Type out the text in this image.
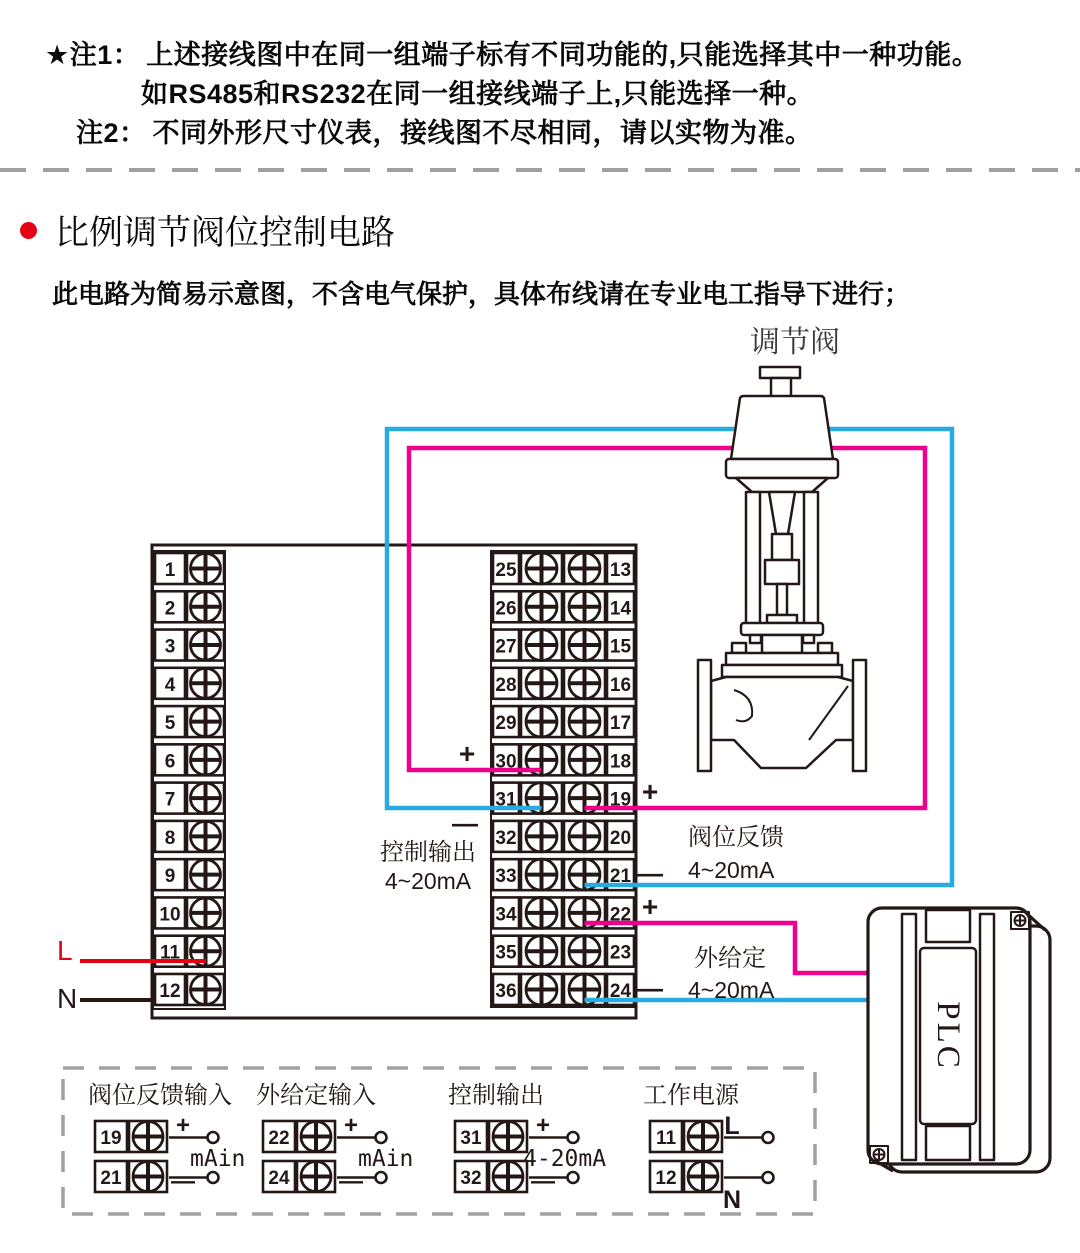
★注1： 上述接线图中在同一组端子标有不同功能的,只能选择其中一种功能。
如RS485和RS232在同一组接线端子上,只能选择一种。
注2： 不同外形尺寸仪表，接线图不尽相同，请以实物为准。
比例调节阀位控制电路
此电路为简易示意图，不含电气保护，具体布线请在专业电工指导下进行；
1	25	13
2	26	14
3	27	15
4	28	16
5	29	17
6	30	18
7	31	19
8	32	20
9	33	21
10	34	22
11	35	23
12	36	24
PLC
阀位反馈输入
19 +
21 —
mAin
外给定输入
22 +
24 —
mAin
控制输出
31 +
32 —
4-20mA
工作电源
11 L
12
N
调节阀
+
—
控制输出
4~20mA
+
—
阀位反馈
4~20mA
+
—
外给定
4~20mA
L
N
